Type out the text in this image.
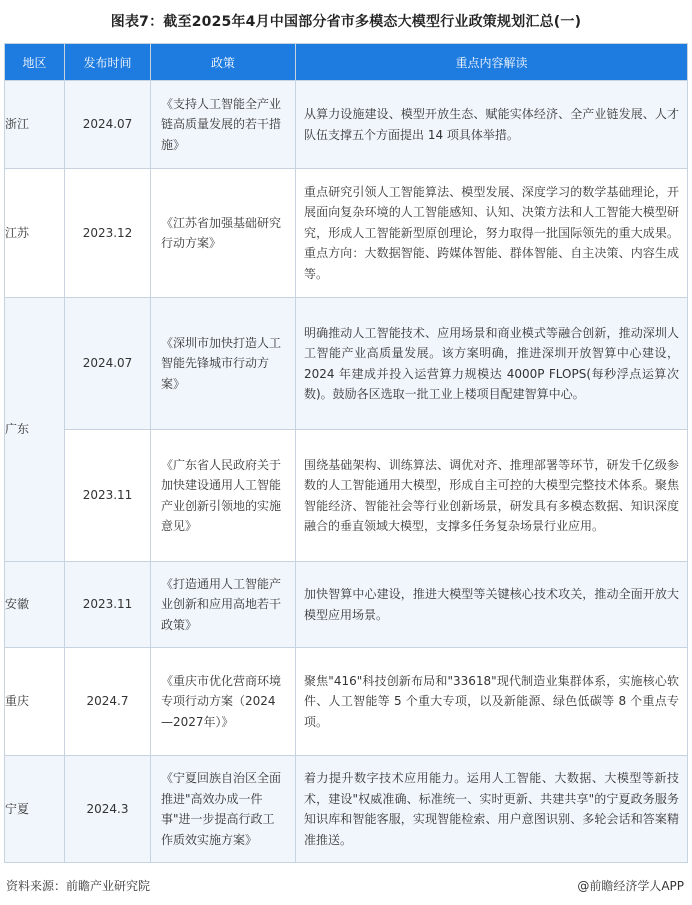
图表7：截至2025年4月中国部分省市多模态大模型行业政策规划汇总(一)
地区	发布时间	政策	重点内容解读
浙江	2024.07	《支持人工智能全产业链高质量发展的若干措施》	从算力设施建设、模型开放生态、赋能实体经济、全产业链发展、人才队伍支撑五个方面提出 14 项具体举措。
江苏	2023.12	《江苏省加强基础研究行动方案》	重点研究引领人工智能算法、模型发展、深度学习的数学基础理论，开展面向复杂环境的人工智能感知、认知、决策方法和人工智能大模型研究，形成人工智能新型原创理论，努力取得一批国际领先的重大成果。重点方向：大数据智能、跨媒体智能、群体智能、自主决策、内容生成等。
广东	2024.07	《深圳市加快打造人工智能先锋城市行动方案》	明确推动人工智能技术、应用场景和商业模式等融合创新，推动深圳人工智能产业高质量发展。该方案明确，推进深圳开放智算中心建设，2024 年建成并投入运营算力规模达 4000P FLOPS(每秒浮点运算次数)。鼓励各区选取一批工业上楼项目配建智算中心。
	2023.11	《广东省人民政府关于加快建设通用人工智能产业创新引领地的实施意见》	围绕基础架构、训练算法、调优对齐、推理部署等环节，研发千亿级参数的人工智能通用大模型，形成自主可控的大模型完整技术体系。聚焦智能经济、智能社会等行业创新场景，研发具有多模态数据、知识深度融合的垂直领域大模型，支撑多任务复杂场景行业应用。
安徽	2023.11	《打造通用人工智能产业创新和应用高地若干政策》	加快智算中心建设，推进大模型等关键核心技术攻关，推动全面开放大模型应用场景。
重庆	2024.7	《重庆市优化营商环境专项行动方案（2024—2027年）》	聚焦"416"科技创新布局和"33618"现代制造业集群体系，实施核心软件、人工智能等 5 个重大专项，以及新能源、绿色低碳等 8 个重点专项。
宁夏	2024.3	《宁夏回族自治区全面推进"高效办成一件事"进一步提高行政工作质效实施方案》	着力提升数字技术应用能力。运用人工智能、大数据、大模型等新技术，建设"权威准确、标准统一、实时更新、共建共享"的宁夏政务服务知识库和智能客服，实现智能检索、用户意图识别、多轮会话和答案精准推送。
资料来源：前瞻产业研究院	@前瞻经济学人APP
